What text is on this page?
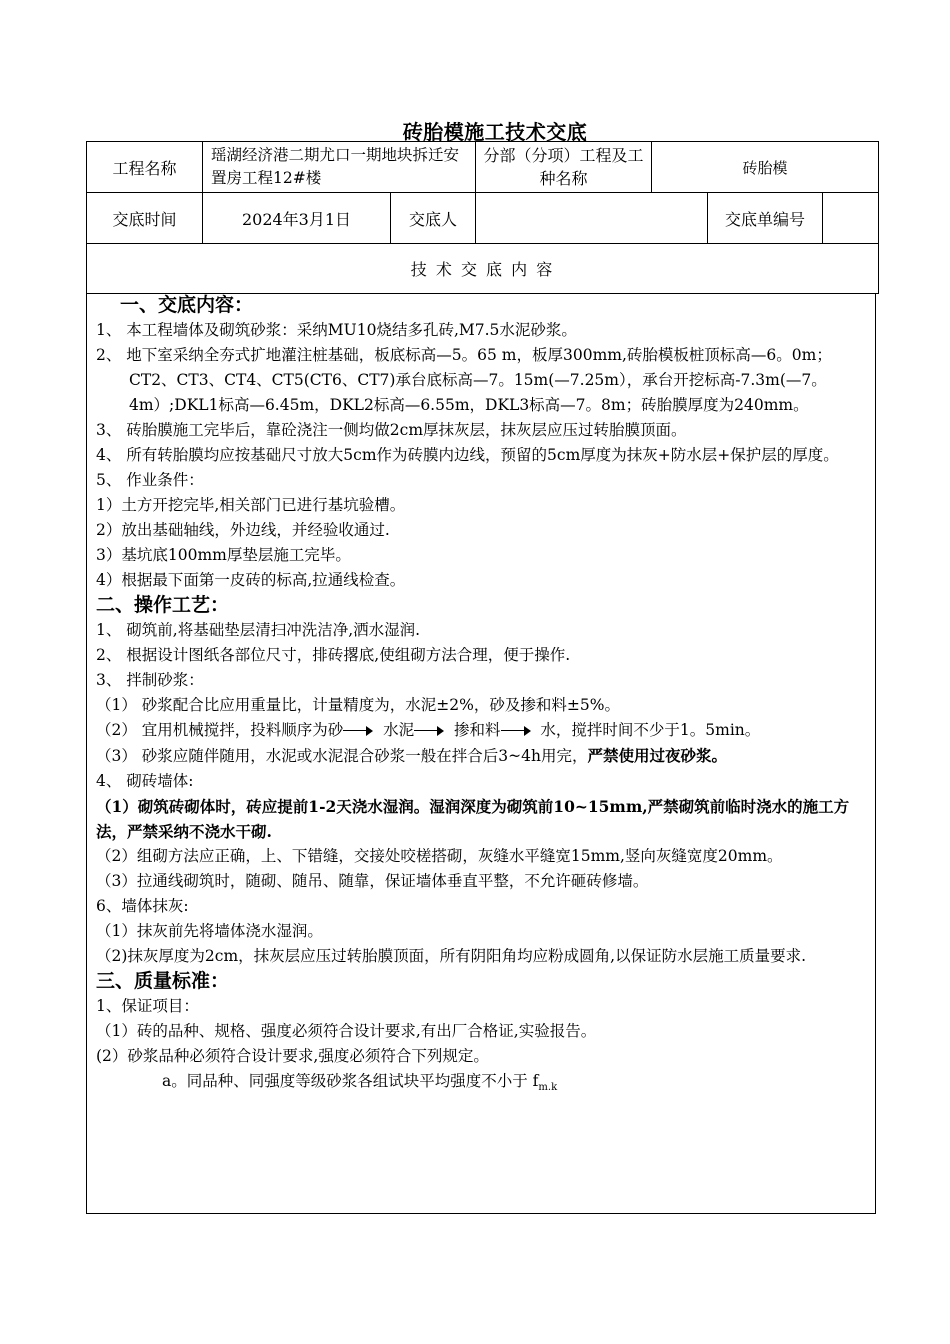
砖胎模施工技术交底
工程名称	瑶湖经济港二期尤口一期地块拆迁安置房工程12#楼		分部（分项）工程及工种名称	砖胎模		
交底时间	2024年3月1日	交底人			交底单编号	
技 术 交 底 内 容						

一、交底内容：

1、 本工程墙体及砌筑砂浆：采纳MU10烧结多孔砖,M7.5水泥砂浆。

2、 地下室采纳全夯式扩地灌注桩基础，板底标高—5。65 m，板厚300mm,砖胎模板桩顶标高—6。0m；CT2、CT3、CT4、CT5(CT6、CT7)承台底标高—7。15m(—7.25m），承台开挖标高-7.3m(—7。4m）;DKL1标高—6.45m，DKL2标高—6.55m，DKL3标高—7。8m；砖胎膜厚度为240mm。

3、 砖胎膜施工完毕后，靠砼浇注一侧均做2cm厚抹灰层，抹灰层应压过转胎膜顶面。

4、 所有转胎膜均应按基础尺寸放大5cm作为砖膜内边线，预留的5cm厚度为抹灰+防水层+保护层的厚度。

5、 作业条件：

1）土方开挖完毕,相关部门已进行基坑验槽。

2）放出基础轴线，外边线，并经验收通过.

3）基坑底100mm厚垫层施工完毕。

4）根据最下面第一皮砖的标高,拉通线检查。

二、操作工艺：

1、 砌筑前,将基础垫层清扫冲洗洁净,洒水湿润.

2、 根据设计图纸各部位尺寸，排砖撂底,使组砌方法合理，便于操作.

3、 拌制砂浆：

（1） 砂浆配合比应用重量比，计量精度为，水泥±2%，砂及掺和料±5%。

（2） 宜用机械搅拌，投料顺序为砂	水泥	掺和料	水，搅拌时间不少于1。5min。

（3） 砂浆应随伴随用，水泥或水泥混合砂浆一般在拌合后3~4h用完，严禁使用过夜砂浆。

4、 砌砖墙体:

（1）砌筑砖砌体时，砖应提前1-2天浇水湿润。湿润深度为砌筑前10~15mm,严禁砌筑前临时浇水的施工方法，严禁采纳不浇水干砌.

（2）组砌方法应正确，上、下错缝，交接处咬槎搭砌，灰缝水平缝宽15mm,竖向灰缝宽度20mm。

（3）拉通线砌筑时，随砌、随吊、随靠，保证墙体垂直平整，不允许砸砖修墙。

6、墙体抹灰:

（1）抹灰前先将墙体浇水湿润。

（2)抹灰厚度为2cm，抹灰层应压过转胎膜顶面，所有阴阳角均应粉成圆角,以保证防水层施工质量要求.

三、质量标准：

1、保证项目：

（1）砖的品种、规格、强度必须符合设计要求,有出厂合格证,实验报告。

(2）砂浆品种必须符合设计要求,强度必须符合下列规定。

a。同品种、同强度等级砂浆各组试块平均强度不小于 $f_{m.k}$
